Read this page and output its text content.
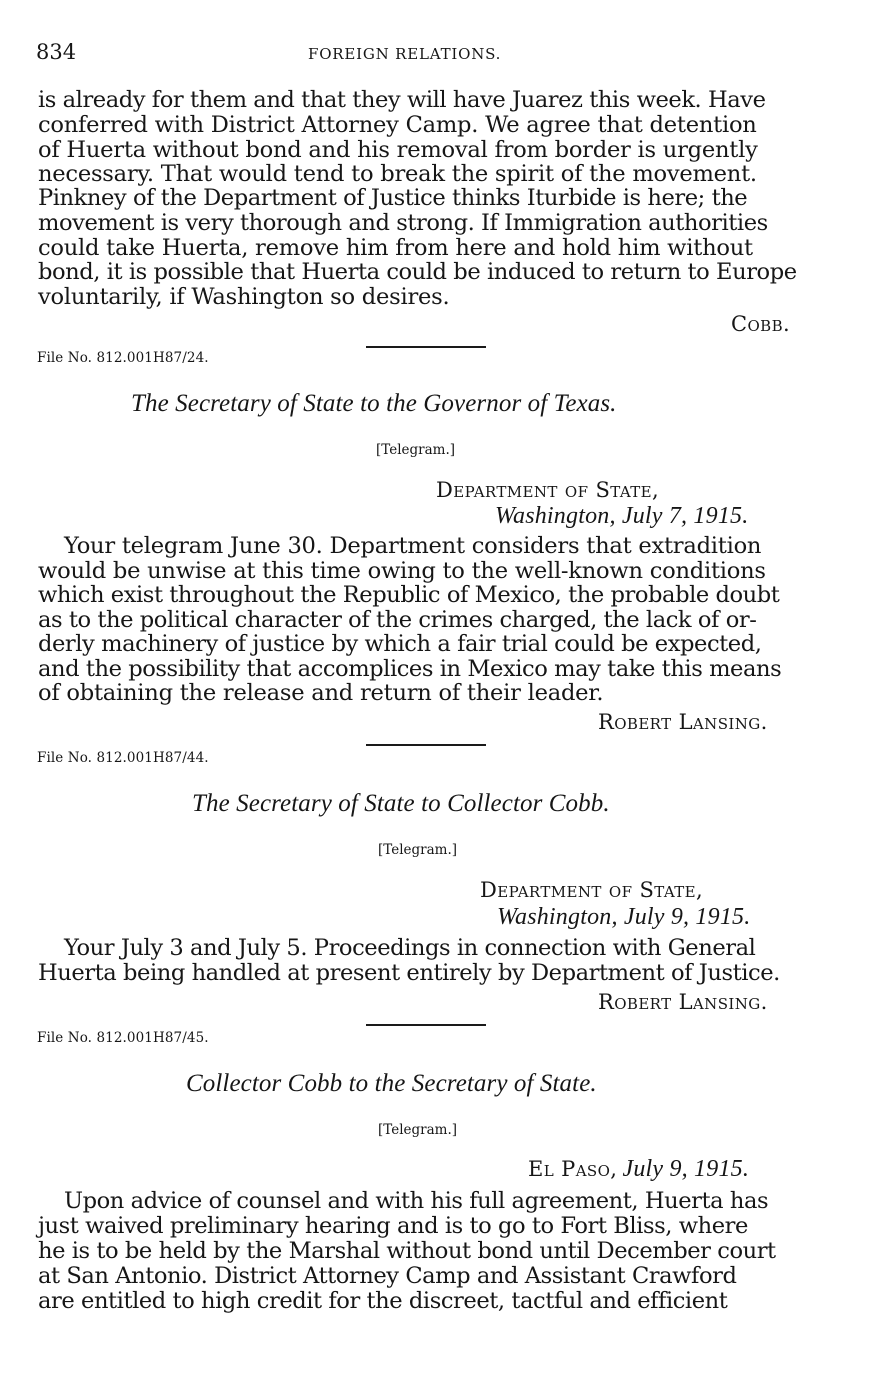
834	FOREIGN RELATIONS.
is already for them and that they will have Juarez this week. Have
conferred with District Attorney Camp. We agree that detention
of Huerta without bond and his removal from border is urgently
necessary. That would tend to break the spirit of the movement.
Pinkney of the Department of Justice thinks Iturbide is here; the
movement is very thorough and strong. If Immigration authorities
could take Huerta, remove him from here and hold him without
bond, it is possible that Huerta could be induced to return to Europe
voluntarily, if Washington so desires.
Cobb.
File No. 812.001H87/24.
The Secretary of State to the Governor of Texas.
[Telegram.]
Department of State,
Washington, July 7, 1915.
Your telegram June 30. Department considers that extradition
would be unwise at this time owing to the well-known conditions
which exist throughout the Republic of Mexico, the probable doubt
as to the political character of the crimes charged, the lack of or-
derly machinery of justice by which a fair trial could be expected,
and the possibility that accomplices in Mexico may take this means
of obtaining the release and return of their leader.
Robert Lansing.
File No. 812.001H87/44.
The Secretary of State to Collector Cobb.
[Telegram.]
Department of State,
Washington, July 9, 1915.
Your July 3 and July 5. Proceedings in connection with General
Huerta being handled at present entirely by Department of Justice.
Robert Lansing.
File No. 812.001H87/45.
Collector Cobb to the Secretary of State.
[Telegram.]
El Paso, July 9, 1915.
Upon advice of counsel and with his full agreement, Huerta has
just waived preliminary hearing and is to go to Fort Bliss, where
he is to be held by the Marshal without bond until December court
at San Antonio. District Attorney Camp and Assistant Crawford
are entitled to high credit for the discreet, tactful and efficient
